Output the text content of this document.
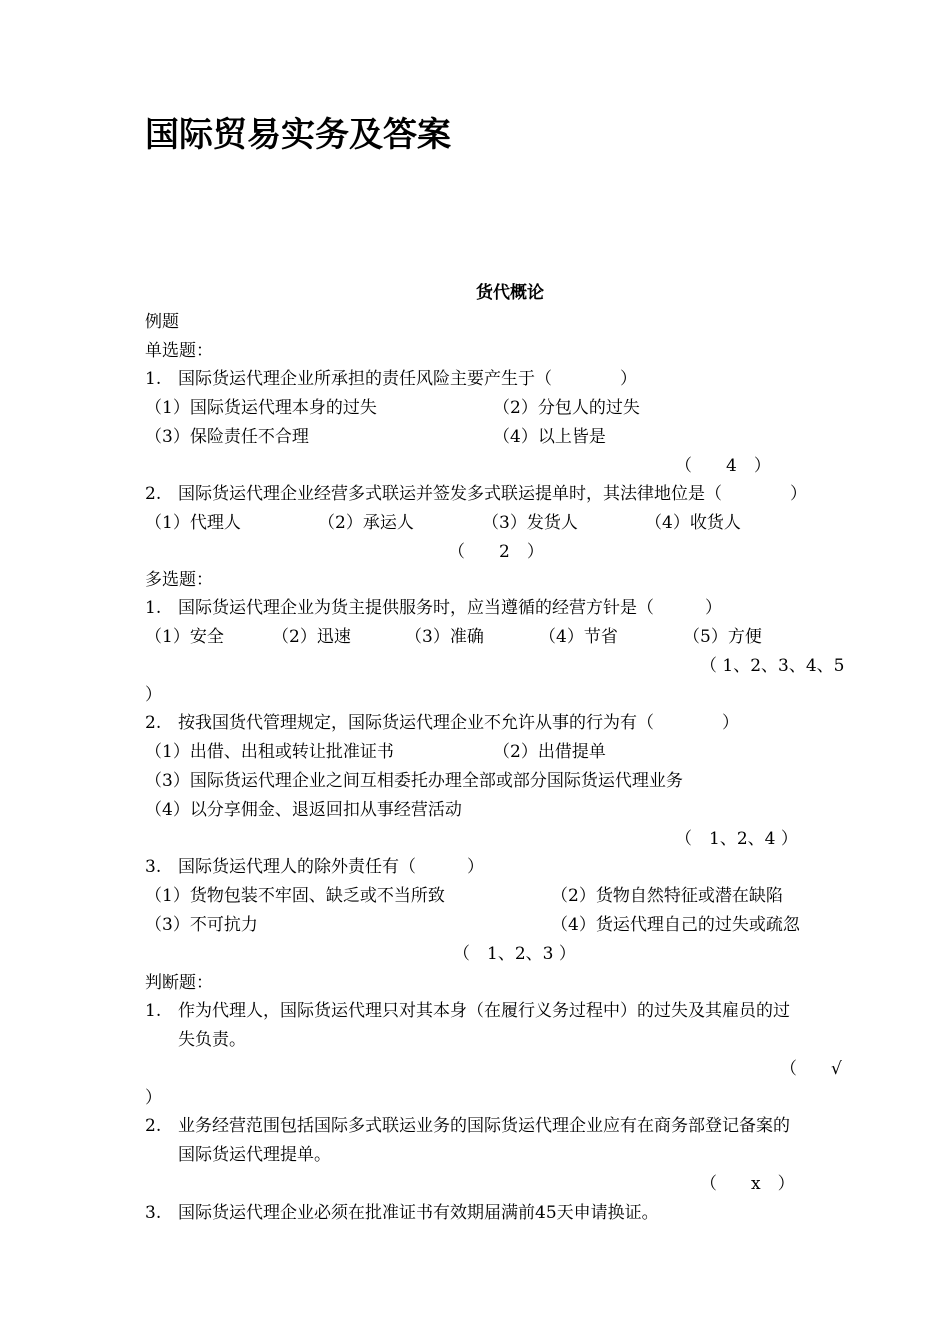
国际贸易实务及答案
货代概论
例题
单选题：
1. 国际货运代理企业所承担的责任风险主要产生于（　　　　）
（1）国际货运代理本身的过失	（2）分包人的过失
（3）保险责任不合理	（4）以上皆是
（　　4　）
2. 国际货运代理企业经营多式联运并签发多式联运提单时，其法律地位是（　　　　）
（1）代理人	（2）承运人	（3）发货人	（4）收货人
（　　2　）
多选题：
1. 国际货运代理企业为货主提供服务时，应当遵循的经营方针是（　　　）
（1）安全	（2）迅速	（3）准确	（4）节省	（5）方便
（ 1、2、3、4、5
）
2. 按我国货代管理规定，国际货运代理企业不允许从事的行为有（　　　　）
（1）出借、出租或转让批准证书	（2）出借提单
（3）国际货运代理企业之间互相委托办理全部或部分国际货运代理业务
（4）以分享佣金、退返回扣从事经营活动
（　1、2、4 ）
3. 国际货运代理人的除外责任有（　　　）
（1）货物包装不牢固、缺乏或不当所致	（2）货物自然特征或潜在缺陷
（3）不可抗力	（4）货运代理自己的过失或疏忽
（　1、2、3 ）
判断题：
1. 作为代理人，国际货运代理只对其本身（在履行义务过程中）的过失及其雇员的过
失负责。
（　　√
）
2. 业务经营范围包括国际多式联运业务的国际货运代理企业应有在商务部登记备案的
国际货运代理提单。
（　　x　）
3. 国际货运代理企业必须在批准证书有效期届满前45天申请换证。
